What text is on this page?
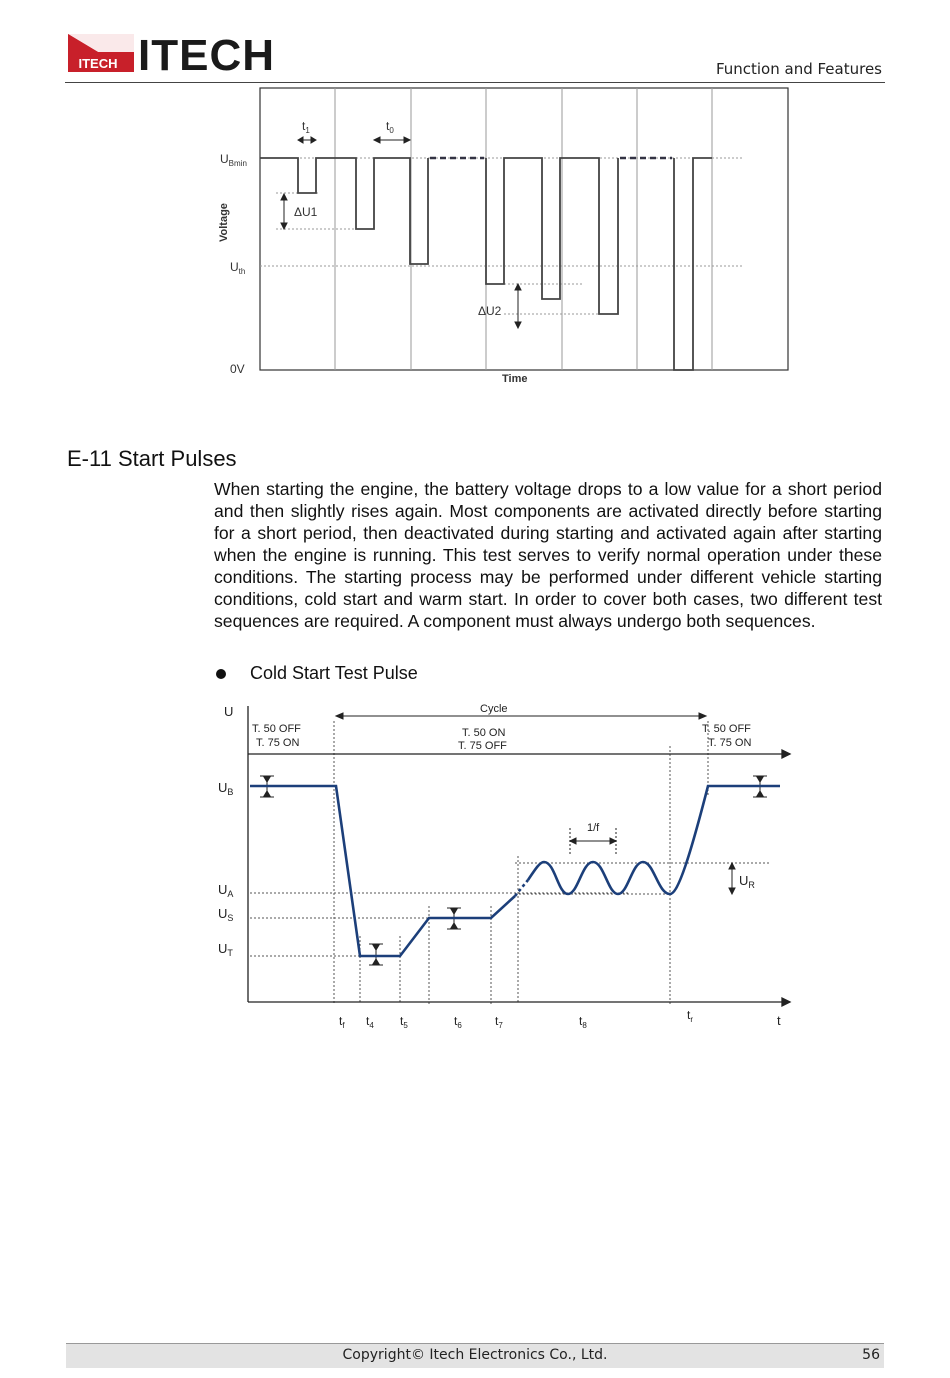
ITECH ITECH	Function and Features
$t_1$	$t_0$
ΔU1
ΔU2
$U_{Bmin}$
$U_{th}$
0V
Voltage
Time
E-11 Start Pulses
When starting the engine, the battery voltage drops to a low value for a short period and then slightly rises again. Most components are activated directly before starting for a short period, then deactivated during starting and activated again after starting when the engine is running. This test serves to verify normal operation under these conditions. The starting process may be performed under different vehicle starting conditions, cold start and warm start. In order to cover both cases, two different test sequences are required. A component must always undergo both sequences.
Cold Start Test Pulse
U
t
Cycle
T. 50 OFF
T. 75 ON
T. 50 ON
T. 75 OFF
T. 50 OFF
T. 75 ON
1/f
$U_B$
$U_A$
$U_S$
$U_T$
$U_R$
$t_f$ $t_4$ $t_5$	$t_6$	$t_7$	$t_8$
$t_r$
Copyright© Itech Electronics Co., Ltd.	56
